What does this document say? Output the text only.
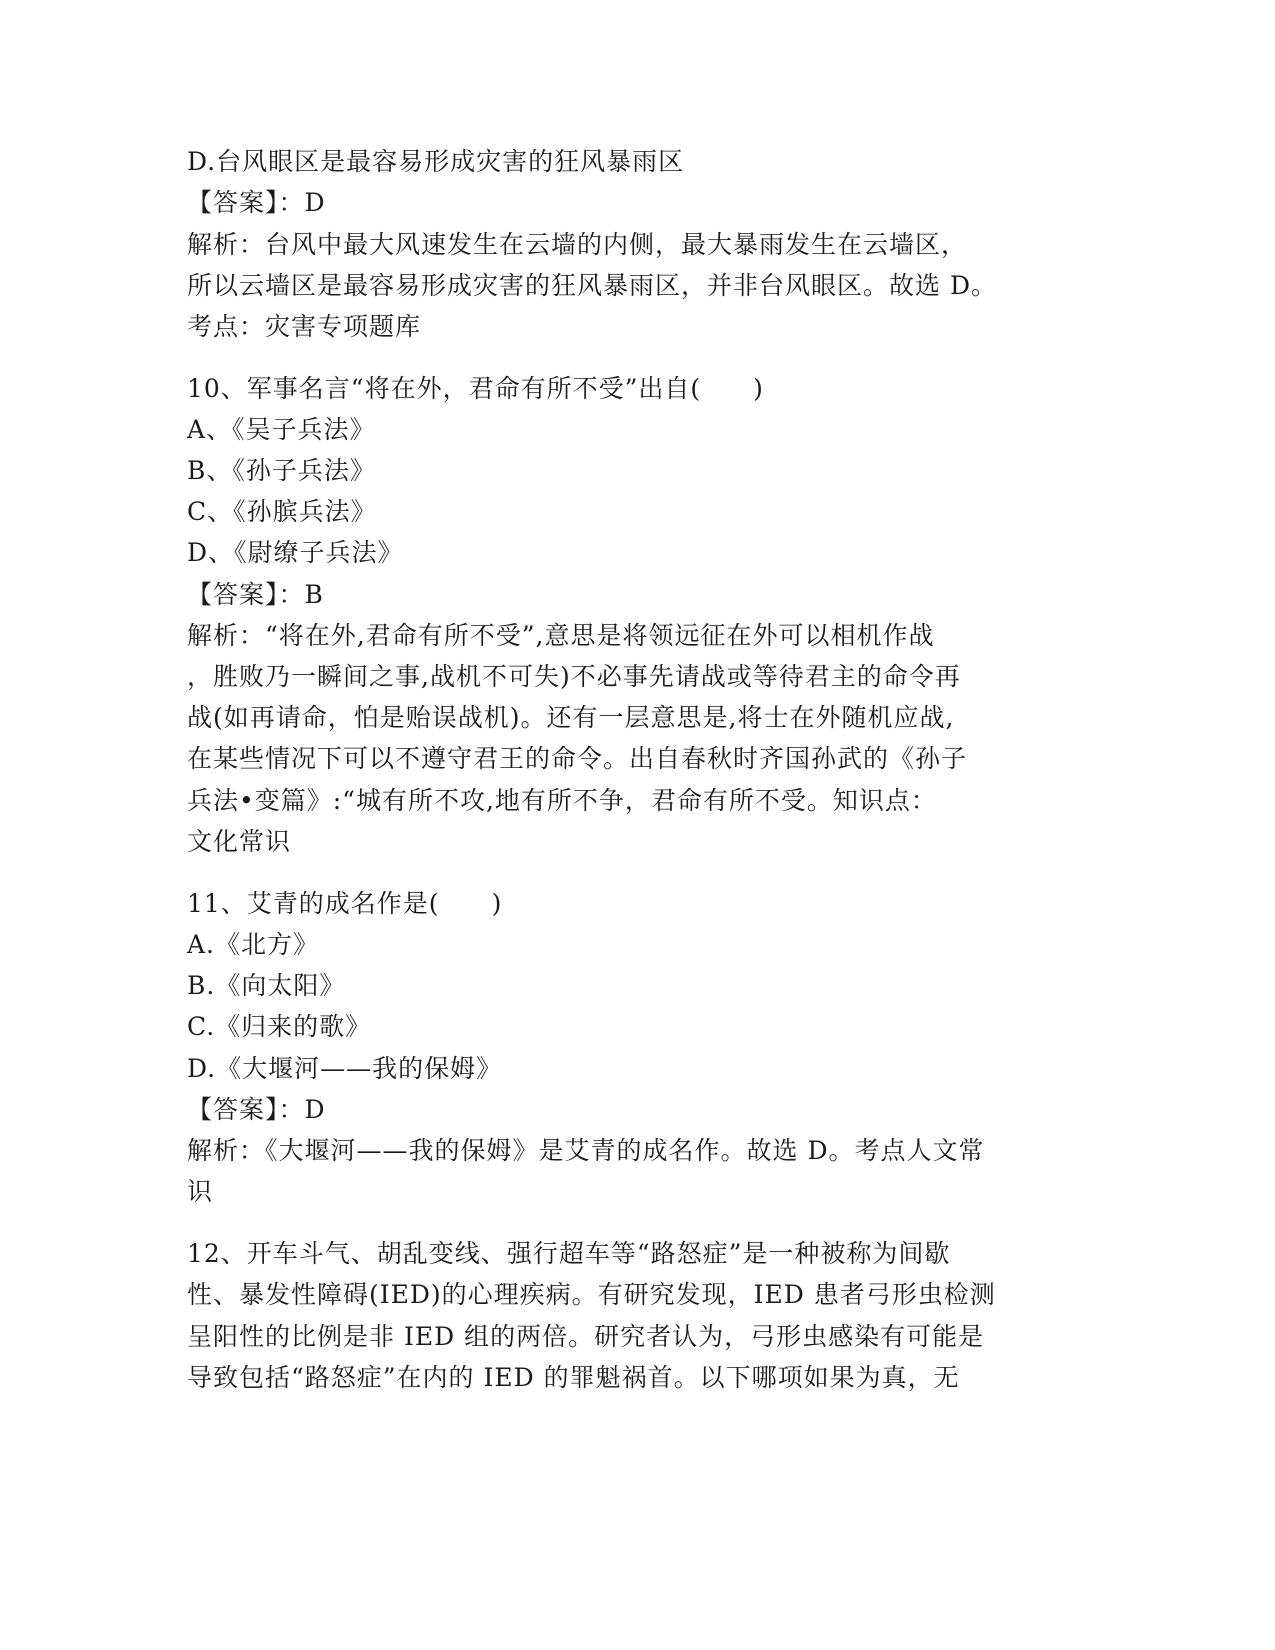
D.台风眼区是最容易形成灾害的狂风暴雨区
【答案】：D
解析：台风中最大风速发生在云墙的内侧，最大暴雨发生在云墙区，
所以云墙区是最容易形成灾害的狂风暴雨区，并非台风眼区。故选 D。
考点：灾害专项题库
10、军事名言“将在外，君命有所不受”出自(　　)
A、《吴子兵法》
B、《孙子兵法》
C、《孙膑兵法》
D、《尉缭子兵法》
【答案】：B
解析：“将在外,君命有所不受”,意思是将领远征在外可以相机作战
，胜败乃一瞬间之事,战机不可失)不必事先请战或等待君主的命令再
战(如再请命，怕是贻误战机)。还有一层意思是,将士在外随机应战,
在某些情况下可以不遵守君王的命令。出自春秋时齐国孙武的《孙子
兵法•变篇》:“城有所不攻,地有所不争，君命有所不受。知识点：
文化常识
11、艾青的成名作是(　　)
A.《北方》
B.《向太阳》
C.《归来的歌》
D.《大堰河——我的保姆》
【答案】：D
解析：《大堰河——我的保姆》是艾青的成名作。故选 D。考点人文常
识
12、开车斗气、胡乱变线、强行超车等“路怒症”是一种被称为间歇
性、暴发性障碍(IED)的心理疾病。有研究发现，IED 患者弓形虫检测
呈阳性的比例是非 IED 组的两倍。研究者认为，弓形虫感染有可能是
导致包括“路怒症”在内的 IED 的罪魁祸首。以下哪项如果为真，无
